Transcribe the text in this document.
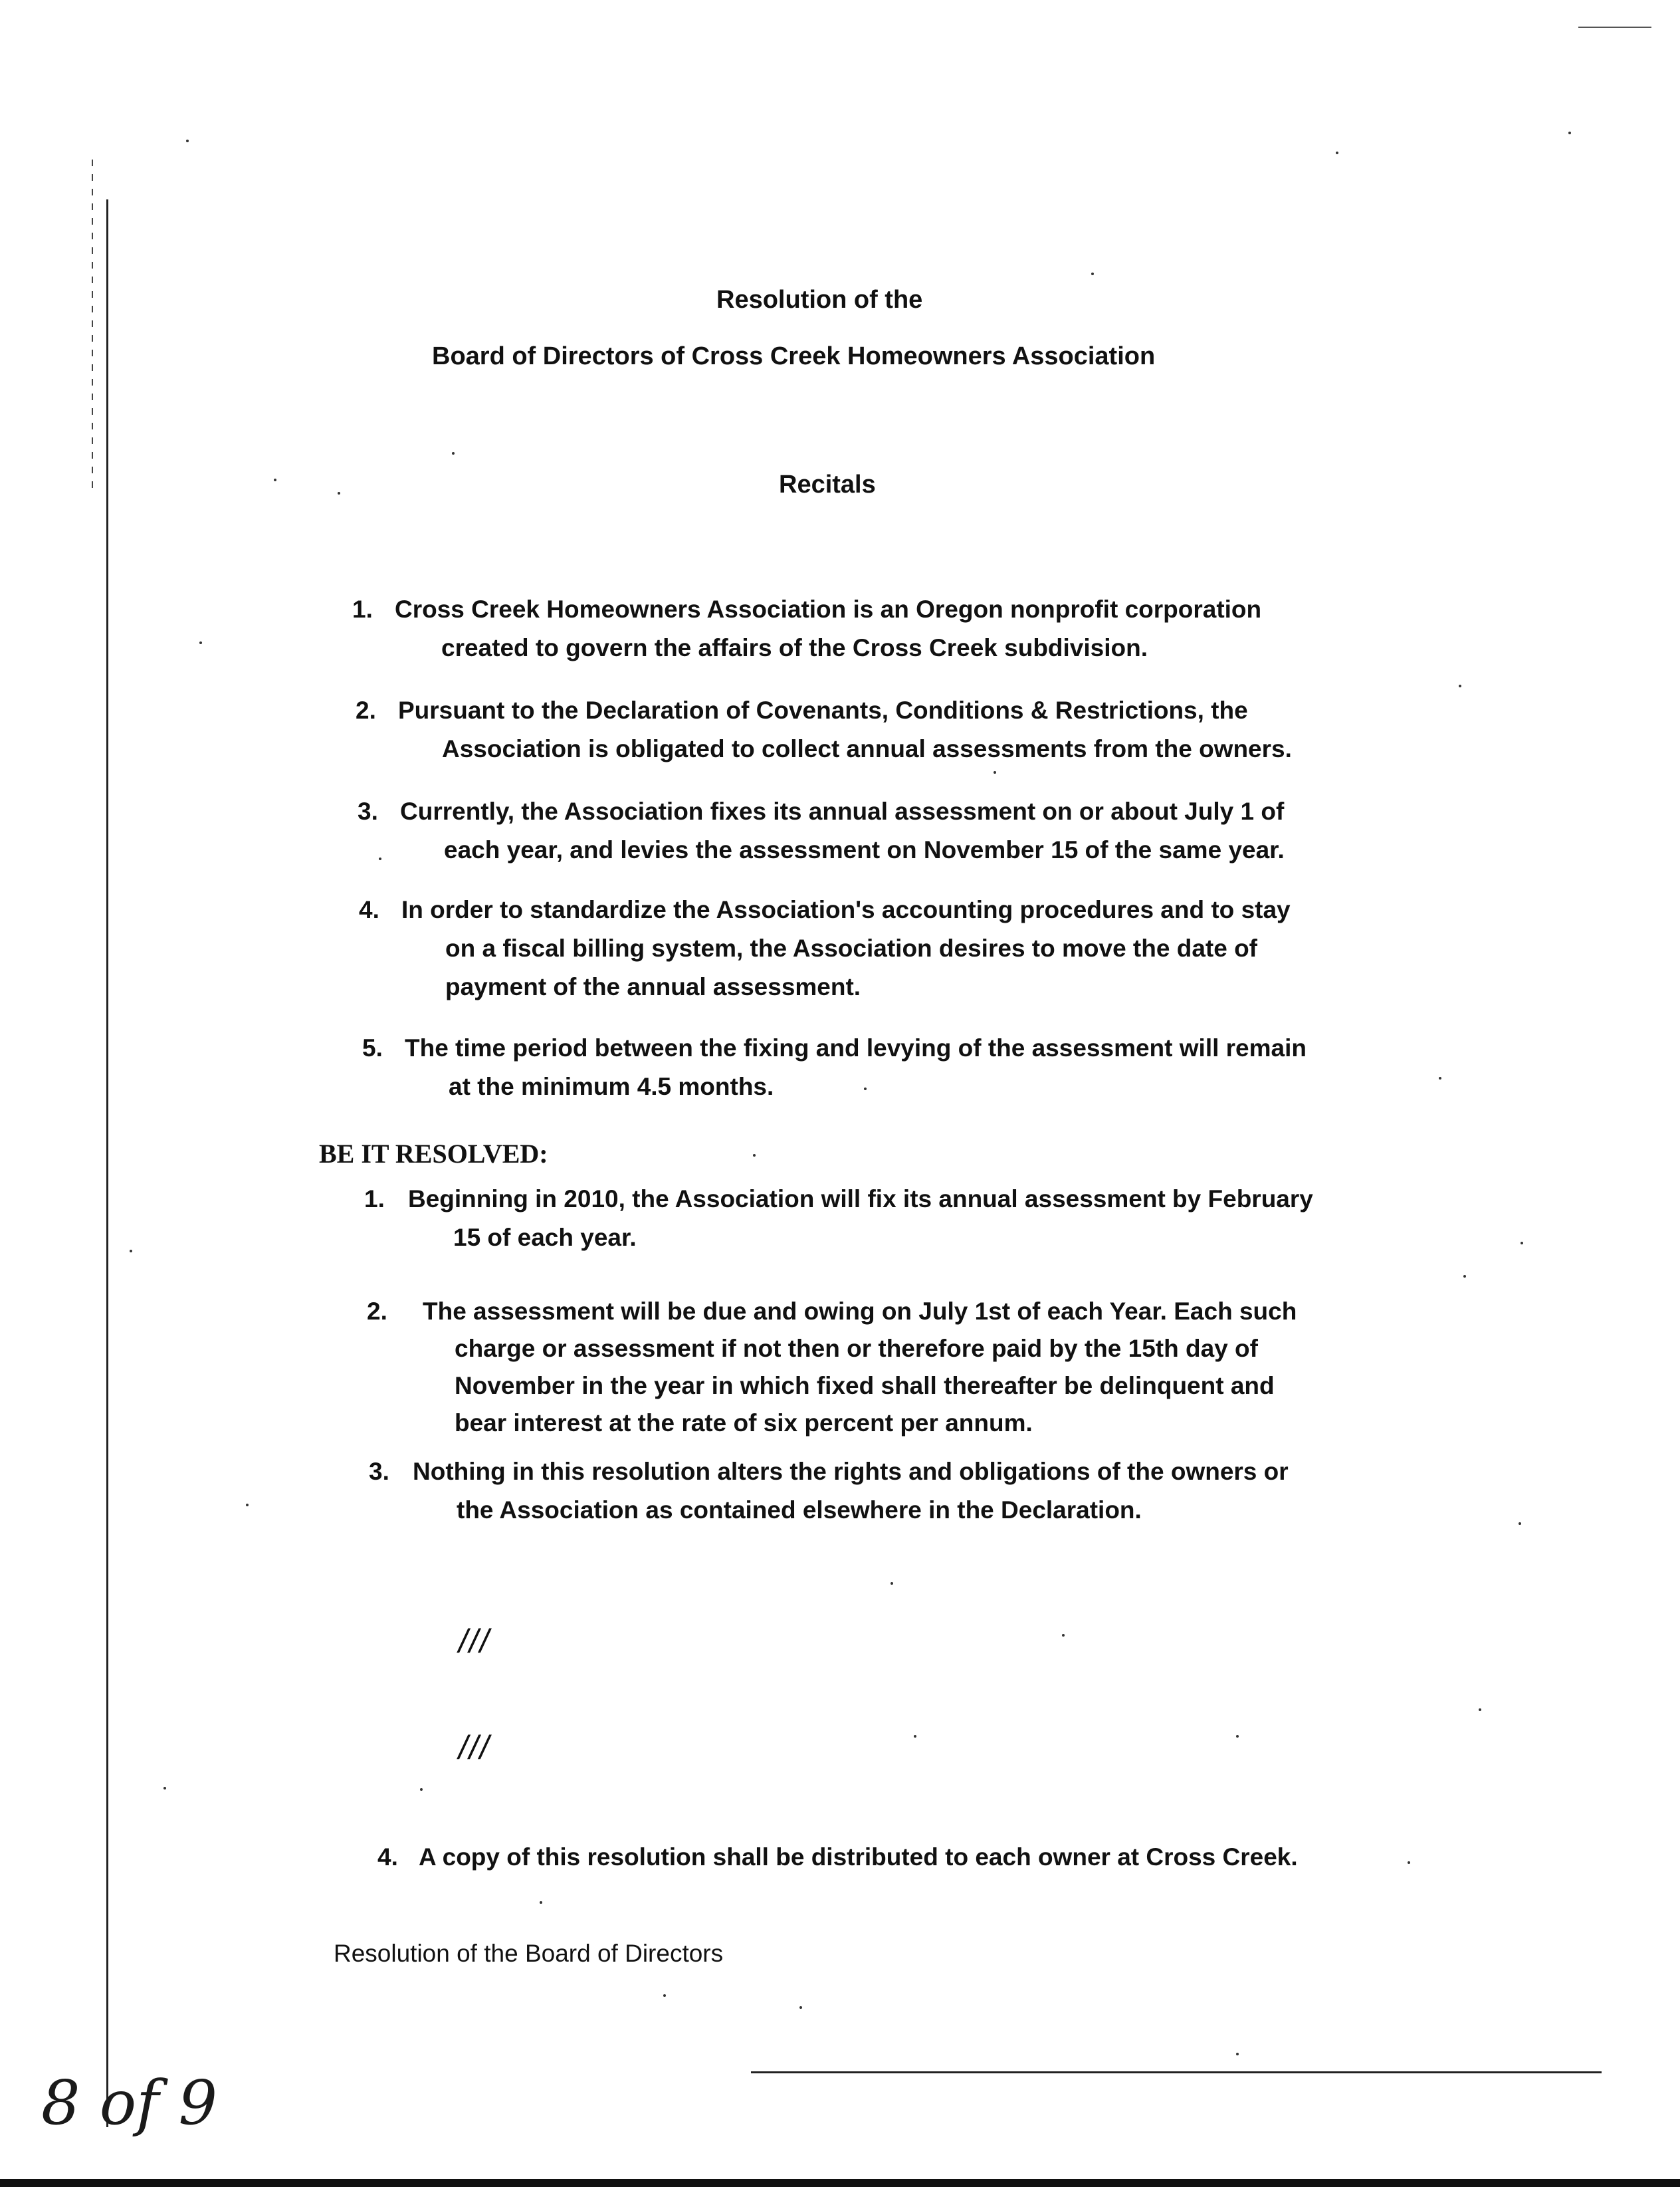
Resolution of the
Board of Directors of Cross Creek Homeowners Association
Recitals
1. Cross Creek Homeowners Association is an Oregon nonprofit corporation
created to govern the affairs of the Cross Creek subdivision.
2. Pursuant to the Declaration of Covenants, Conditions & Restrictions, the
Association is obligated to collect annual assessments from the owners.
3. Currently, the Association fixes its annual assessment on or about July 1 of
each year, and levies the assessment on November 15 of the same year.
4. In order to standardize the Association's accounting procedures and to stay
on a fiscal billing system, the Association desires to move the date of
payment of the annual assessment.
5. The time period between the fixing and levying of the assessment will remain
at the minimum 4.5 months.
BE IT RESOLVED:
1. Beginning in 2010, the Association will fix its annual assessment by February
15 of each year.
2.	The assessment will be due and owing on July 1st of each Year. Each such
charge or assessment if not then or therefore paid by the 15th day of
November in the year in which fixed shall thereafter be delinquent and
bear interest at the rate of six percent per annum.
3. Nothing in this resolution alters the rights and obligations of the owners or
the Association as contained elsewhere in the Declaration.
///
///
4. A copy of this resolution shall be distributed to each owner at Cross Creek.
Resolution of the Board of Directors
8 of 9
